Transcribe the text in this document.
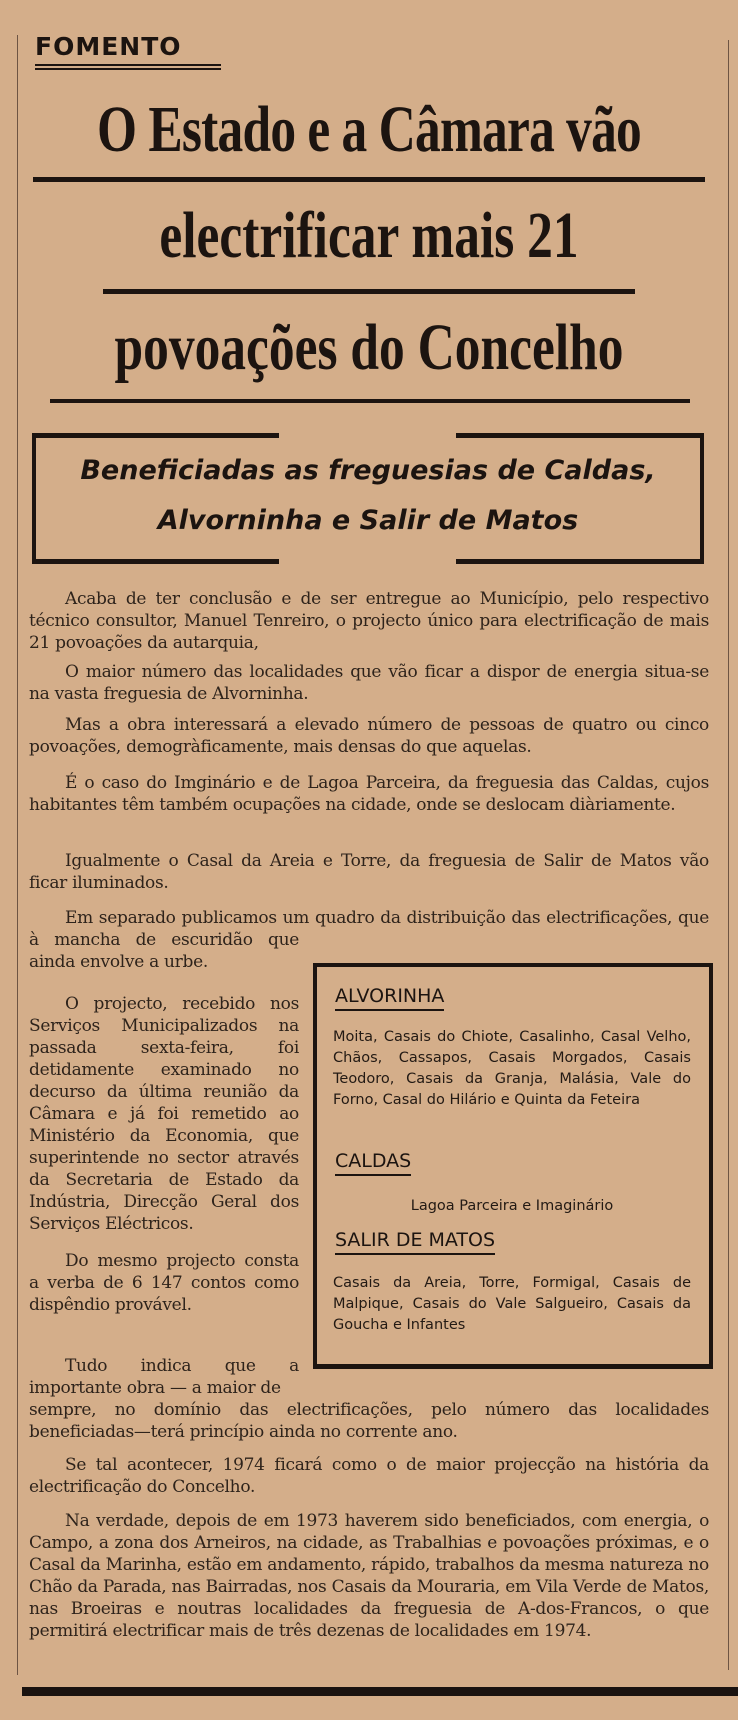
FOMENTO
O Estado e a Câmara vão
electrificar mais 21
povoações do Concelho
Beneficiadas as freguesias de Caldas,
Alvorninha e Salir de Matos

Acaba de ter conclusão e de ser entregue ao Município, pelo respectivo técnico consultor, Manuel Tenreiro, o projecto único para electrificação de mais 21 povoações da autarquia,

O maior número das localidades que vão ficar a dispor de energia situa-se na vasta freguesia de Alvorninha.

Mas a obra interessará a elevado número de pessoas de quatro ou cinco povoações, demogràficamente, mais densas do que aquelas.

É o caso do Imginário e de Lagoa Parceira, da freguesia das Caldas, cujos habitantes têm também ocupações na cidade, onde se deslocam diàriamente.

Igualmente o Casal da Areia e Torre, da freguesia de Salir de Matos vão ficar iluminados.

Em separado publicamos um quadro da distribuição das electrificações, que

à mancha de escuridão que ainda envolve a urbe.

O projecto, recebido nos Serviços Municipalizados na passada sexta-feira, foi detidamente examinado no decurso da última reunião da Câmara e já foi remetido ao Ministério da Economia, que superintende no sector através da Secretaria de Estado da Indústria, Direcção Geral dos Serviços Eléctricos.

Do mesmo projecto consta a verba de 6 147 contos como dispêndio provável.

Tudo indica que a importante obra — a maior de

sempre, no domínio das electrificações, pelo número das localidades beneficiadas—terá princípio ainda no corrente ano.

Se tal acontecer, 1974 ficará como o de maior projecção na história da electrificação do Concelho.

Na verdade, depois de em 1973 haverem sido beneficiados, com energia, o Campo, a zona dos Arneiros, na cidade, as Trabalhias e povoações próximas, e o Casal da Marinha, estão em andamento, rápido, trabalhos da mesma natureza no Chão da Parada, nas Bairradas, nos Casais da Mouraria, em Vila Verde de Matos, nas Broeiras e noutras localidades da freguesia de A-dos-Francos, o que permitirá electrificar mais de três dezenas de localidades em 1974.

ALVORINHA

Moita, Casais do Chiote, Casalinho, Casal Velho, Chãos, Cassapos, Casais Morgados, Casais Teodoro, Casais da Granja, Malásia, Vale do Forno, Casal do Hilário e Quinta da Feteira

CALDAS

Lagoa Parceira e Imaginário

SALIR DE MATOS

Casais da Areia, Torre, Formigal, Casais de Malpique, Casais do Vale Salgueiro, Casais da Goucha e Infantes
